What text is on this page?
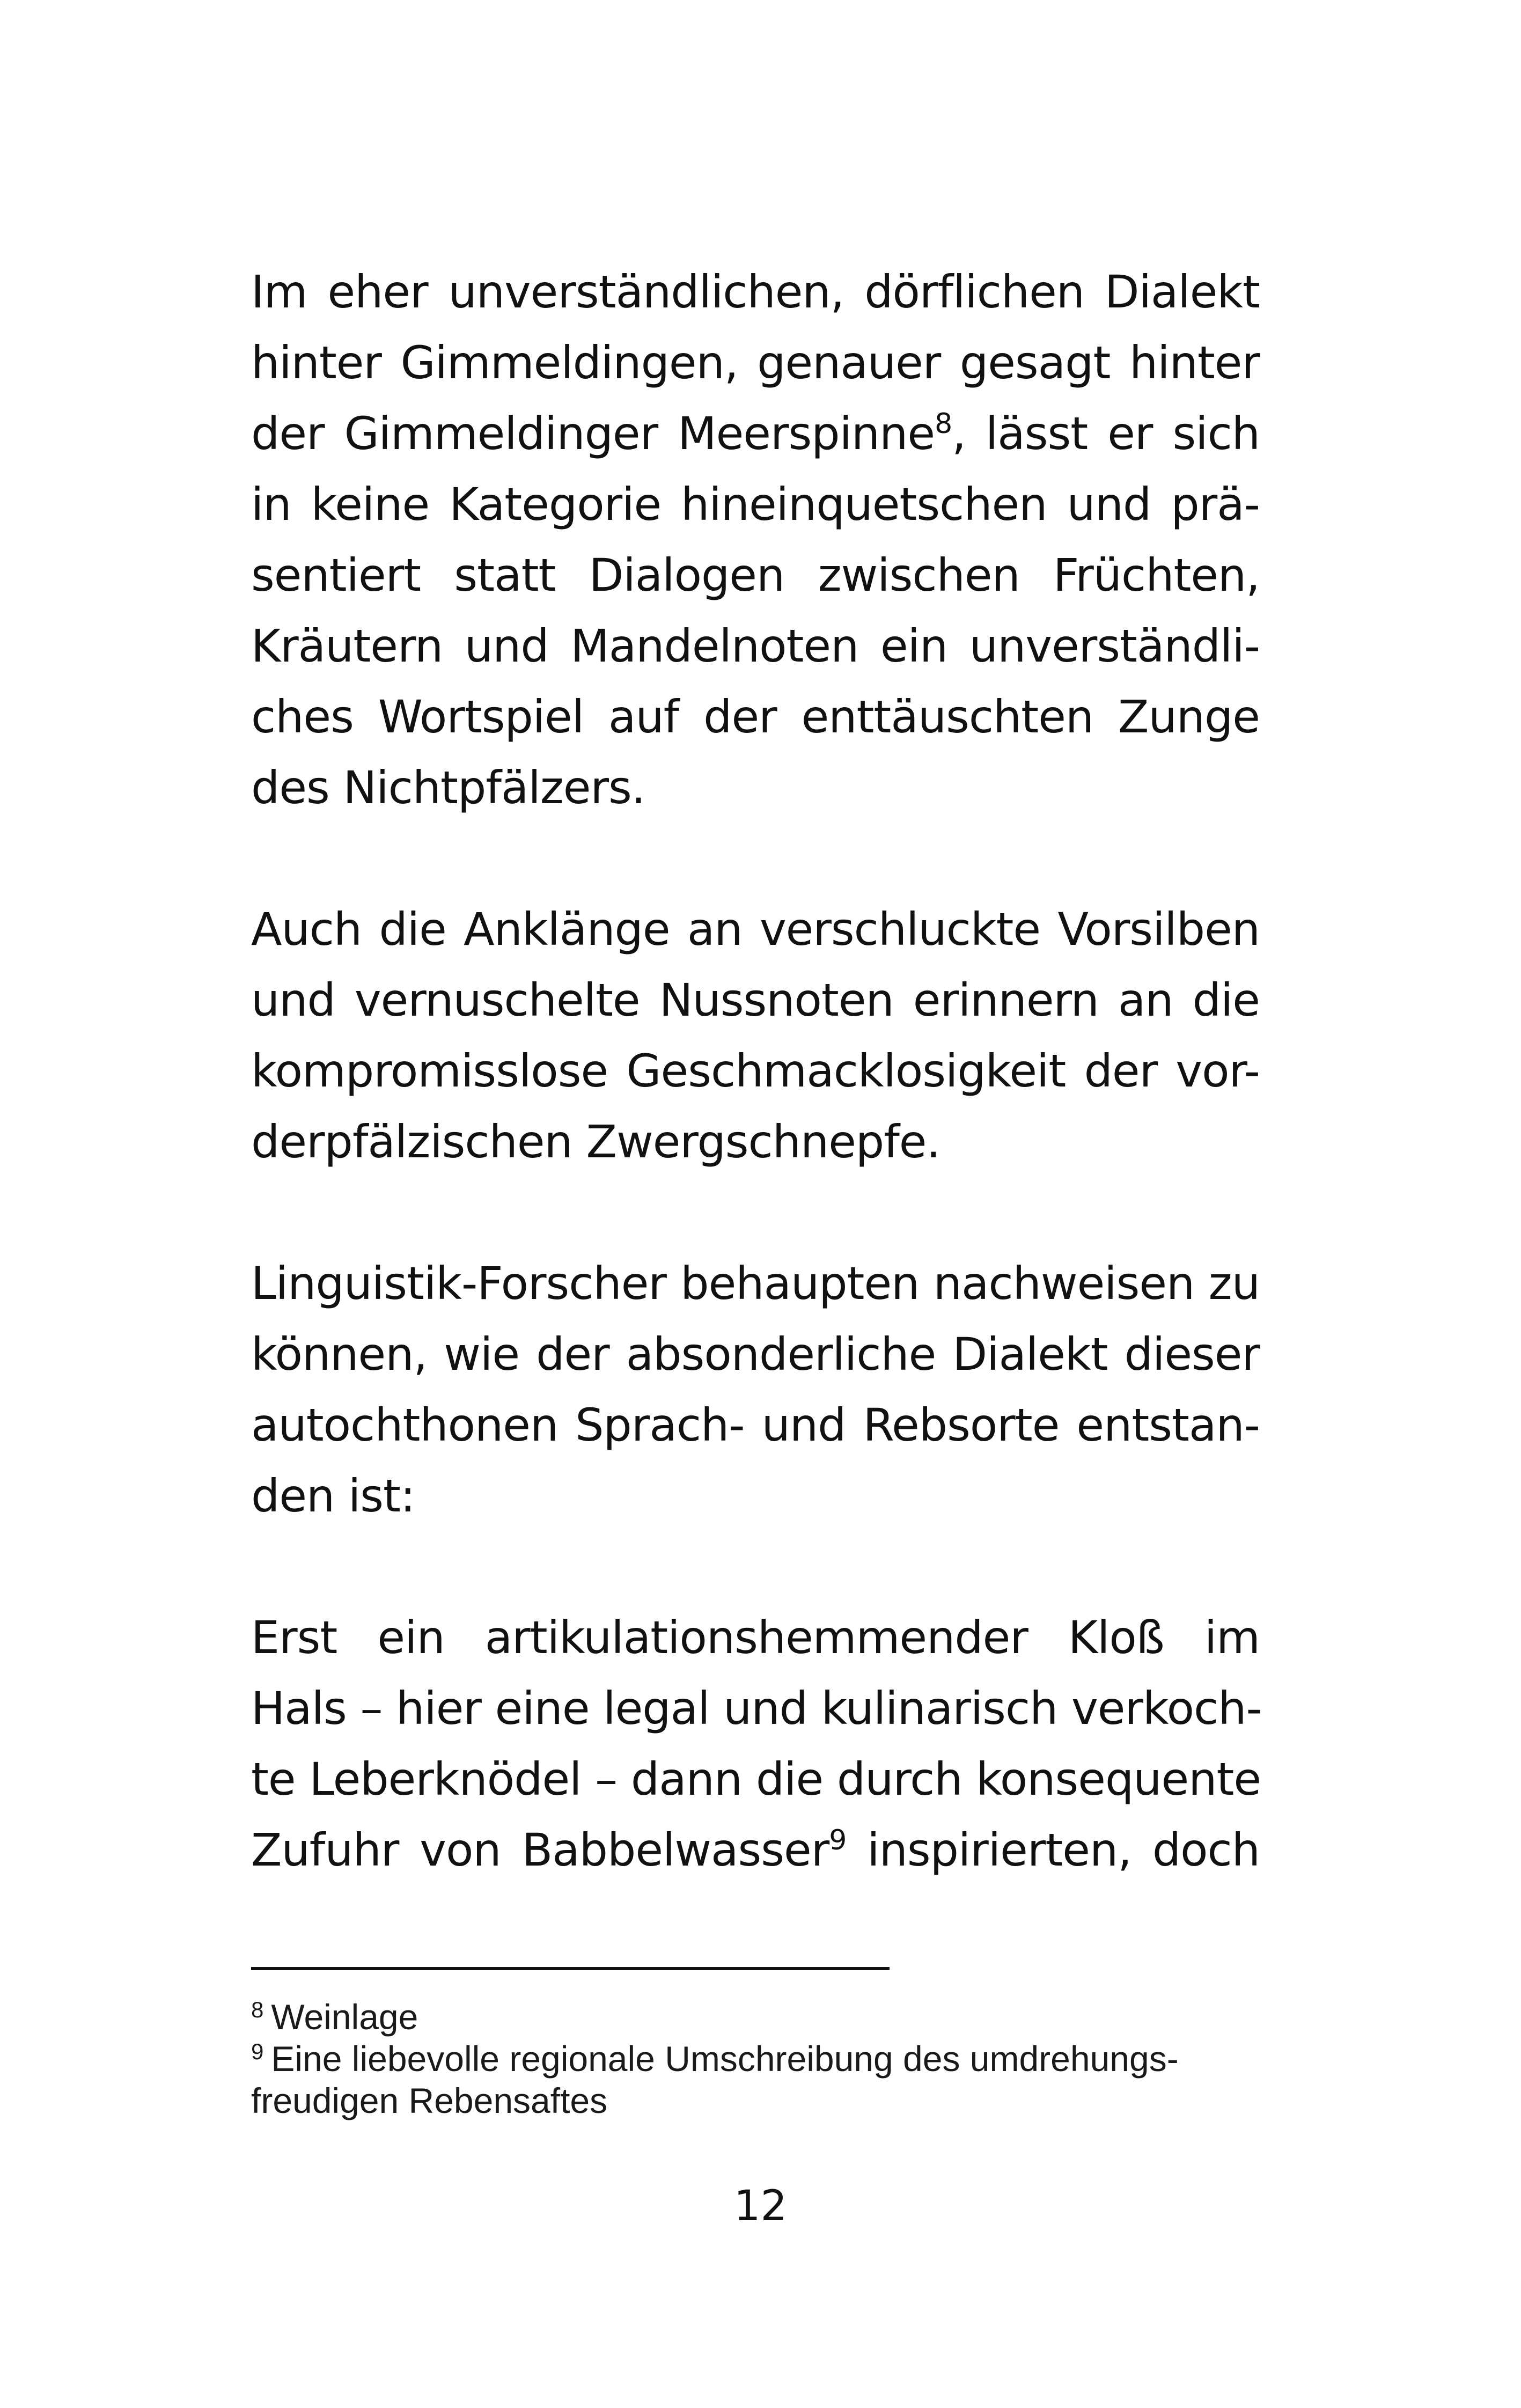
Im eher unverständlichen, dörflichen Dialekt
hinter Gimmeldingen, genauer gesagt hinter
der Gimmeldinger Meerspinne$^8$, lässt er sich
in keine Kategorie hineinquetschen und prä-
sentiert statt Dialogen zwischen Früchten,
Kräutern und Mandelnoten ein unverständli-
ches Wortspiel auf der enttäuschten Zunge
des Nichtpfälzers.
Auch die Anklänge an verschluckte Vorsilben
und vernuschelte Nussnoten erinnern an die
kompromisslose Geschmacklosigkeit der vor-
derpfälzischen Zwergschnepfe.
Linguistik-Forscher behaupten nachweisen zu
können, wie der absonderliche Dialekt dieser
autochthonen Sprach- und Rebsorte entstan-
den ist:
Erst ein artikulationshemmender Kloß im
Hals – hier eine legal und kulinarisch verkoch-
te Leberknödel – dann die durch konsequente
Zufuhr von Babbelwasser$^9$ inspirierten, doch
$^8$ Weinlage
$^9$ Eine liebevolle regionale Umschreibung des umdrehungs-
freudigen Rebensaftes
12
